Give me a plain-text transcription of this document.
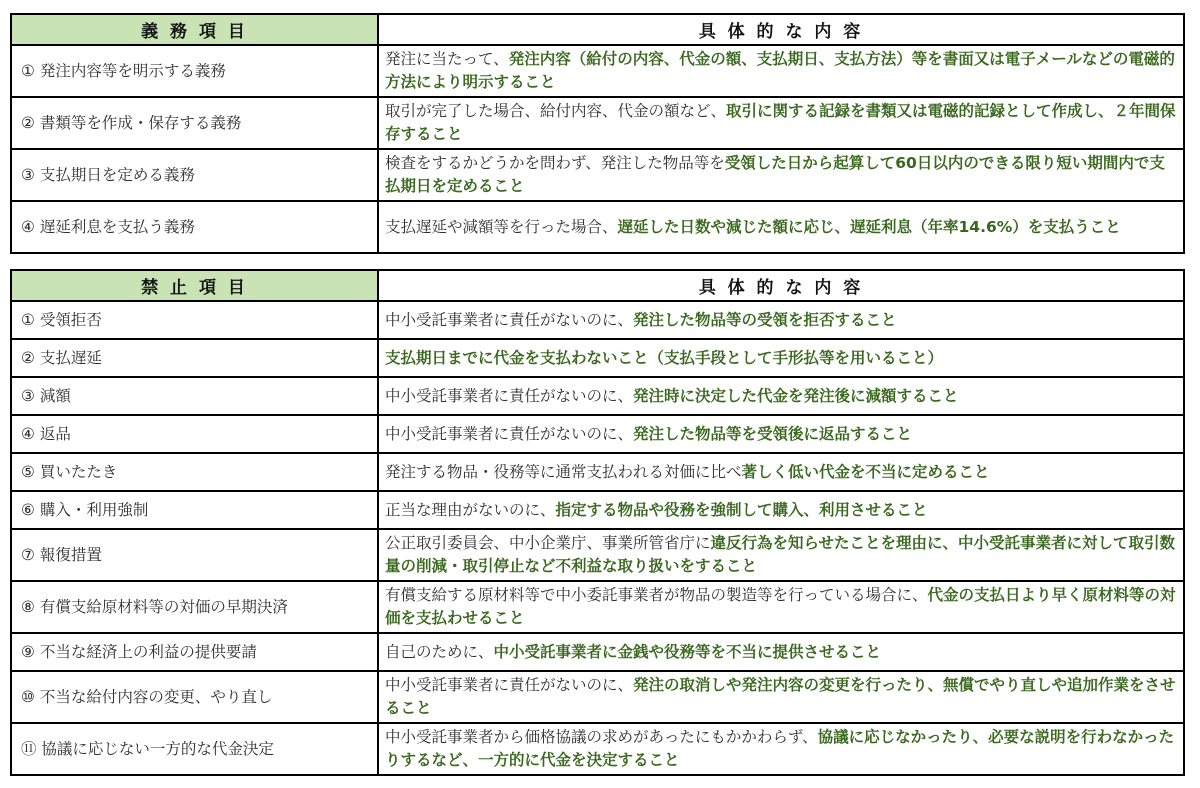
義 務 項 目	具 体 的 な 内 容
① 発注内容等を明示する義務	発注に当たって、発注内容（給付の内容、代金の額、支払期日、支払方法）等を書面又は電子メールなどの電磁的方法により明示すること
② 書類等を作成・保存する義務	取引が完了した場合、給付内容、代金の額など、取引に関する記録を書類又は電磁的記録として作成し、２年間保存すること
③ 支払期日を定める義務	検査をするかどうかを問わず、発注した物品等を受領した日から起算して60日以内のできる限り短い期間内で支払期日を定めること
④ 遅延利息を支払う義務	支払遅延や減額等を行った場合、遅延した日数や減じた額に応じ、遅延利息（年率14.6%）を支払うこと
禁 止 項 目	具 体 的 な 内 容
① 受領拒否	中小受託事業者に責任がないのに、発注した物品等の受領を拒否すること
② 支払遅延	支払期日までに代金を支払わないこと（支払手段として手形払等を用いること）
③ 減額	中小受託事業者に責任がないのに、発注時に決定した代金を発注後に減額すること
④ 返品	中小受託事業者に責任がないのに、発注した物品等を受領後に返品すること
⑤ 買いたたき	発注する物品・役務等に通常支払われる対価に比べ著しく低い代金を不当に定めること
⑥ 購入・利用強制	正当な理由がないのに、指定する物品や役務を強制して購入、利用させること
⑦ 報復措置	公正取引委員会、中小企業庁、事業所管省庁に違反行為を知らせたことを理由に、中小受託事業者に対して取引数量の削減・取引停止など不利益な取り扱いをすること
⑧ 有償支給原材料等の対価の早期決済	有償支給する原材料等で中小委託事業者が物品の製造等を行っている場合に、代金の支払日より早く原材料等の対価を支払わせること
⑨ 不当な経済上の利益の提供要請	自己のために、中小受託事業者に金銭や役務等を不当に提供させること
⑩ 不当な給付内容の変更、やり直し	中小受託事業者に責任がないのに、発注の取消しや発注内容の変更を行ったり、無償でやり直しや追加作業をさせること
⑪ 協議に応じない一方的な代金決定	中小受託事業者から価格協議の求めがあったにもかかわらず、協議に応じなかったり、必要な説明を行わなかったりするなど、一方的に代金を決定すること
